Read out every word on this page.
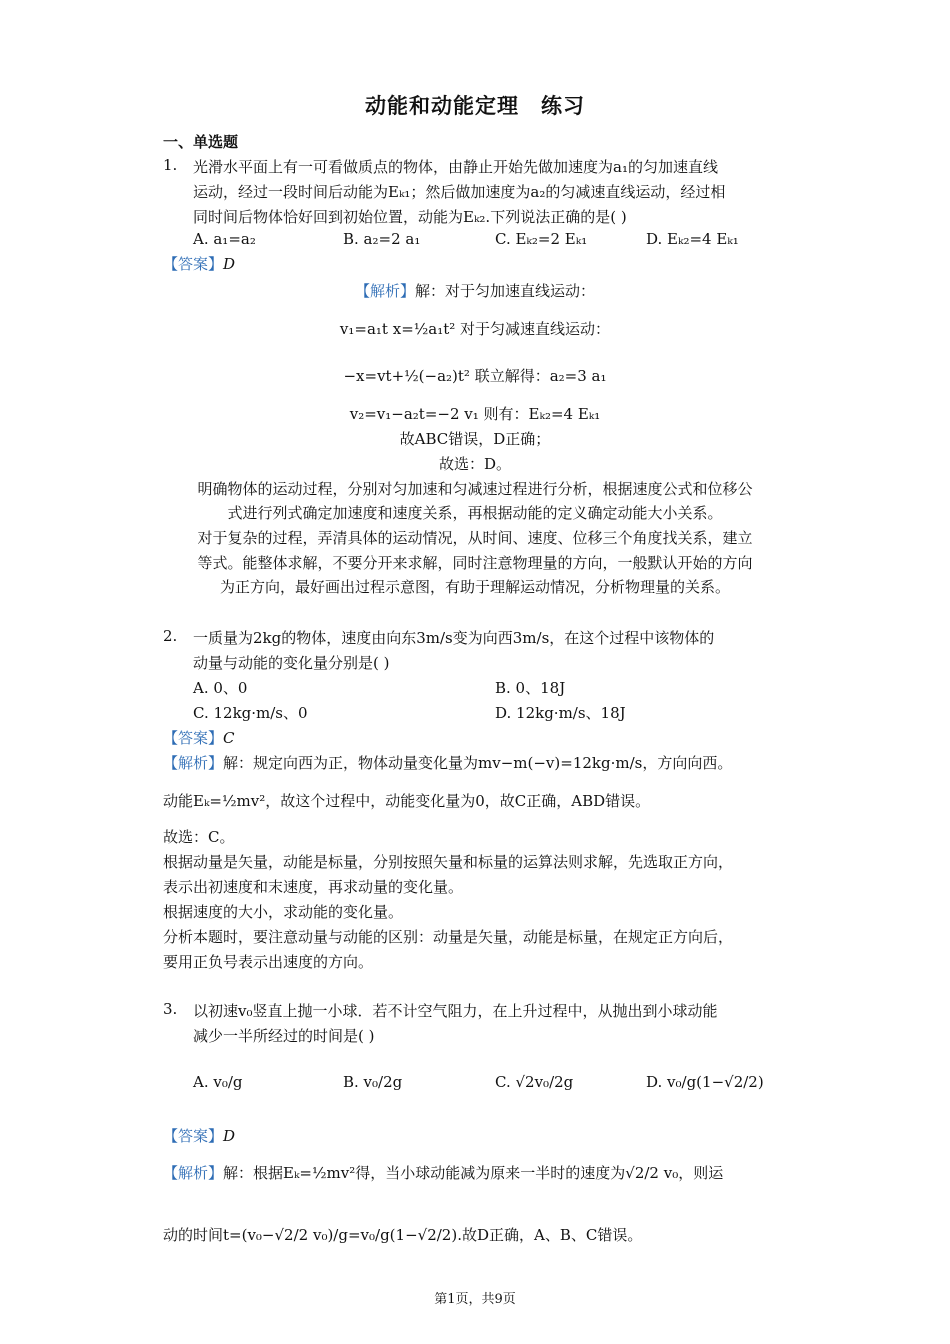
动能和动能定理　练习
一、单选题
1. 光滑水平面上有一可看做质点的物体，由静止开始先做加速度为a₁的匀加速直线
运动，经过一段时间后动能为Eₖ₁；然后做加速度为a₂的匀减速直线运动，经过相
同时间后物体恰好回到初始位置，动能为Eₖ₂.下列说法正确的是( )
A. a₁=a₂	B. a₂=2 a₁	C. Eₖ₂=2 Eₖ₁	D. Eₖ₂=4 Eₖ₁
【答案】D
【解析】解：对于匀加速直线运动：
v₁=a₁t x=½a₁t² 对于匀减速直线运动：
−x=vt+½(−a₂)t² 联立解得：a₂=3 a₁
v₂=v₁−a₂t=−2 v₁ 则有：Eₖ₂=4 Eₖ₁
故ABC错误，D正确；
故选：D。
明确物体的运动过程，分别对匀加速和匀减速过程进行分析，根据速度公式和位移公
式进行列式确定加速度和速度关系，再根据动能的定义确定动能大小关系。
对于复杂的过程，弄清具体的运动情况，从时间、速度、位移三个角度找关系，建立
等式。能整体求解，不要分开来求解，同时注意物理量的方向，一般默认开始的方向
为正方向，最好画出过程示意图，有助于理解运动情况，分析物理量的关系。
2. 一质量为2kg的物体，速度由向东3m/s变为向西3m/s，在这个过程中该物体的
动量与动能的变化量分别是( )
A. 0、0	B. 0、18J
C. 12kg·m/s、0	D. 12kg·m/s、18J
【答案】C
【解析】解：规定向西为正，物体动量变化量为mv−m(−v)=12kg·m/s，方向向西。
动能Eₖ=½mv²，故这个过程中，动能变化量为0，故C正确，ABD错误。
故选：C。
根据动量是矢量，动能是标量，分别按照矢量和标量的运算法则求解，先选取正方向，
表示出初速度和末速度，再求动量的变化量。
根据速度的大小，求动能的变化量。
分析本题时，要注意动量与动能的区别：动量是矢量，动能是标量，在规定正方向后，
要用正负号表示出速度的方向。
3. 以初速v₀竖直上抛一小球．若不计空气阻力，在上升过程中，从抛出到小球动能
减少一半所经过的时间是( )
A. v₀/g	B. v₀/2g	C. √2v₀/2g	D. v₀/g(1−√2/2)
【答案】D
【解析】解：根据Eₖ=½mv²得，当小球动能减为原来一半时的速度为√2/2 v₀，则运
动的时间t=(v₀−√2/2 v₀)/g=v₀/g(1−√2/2).故D正确，A、B、C错误。
第1页，共9页
